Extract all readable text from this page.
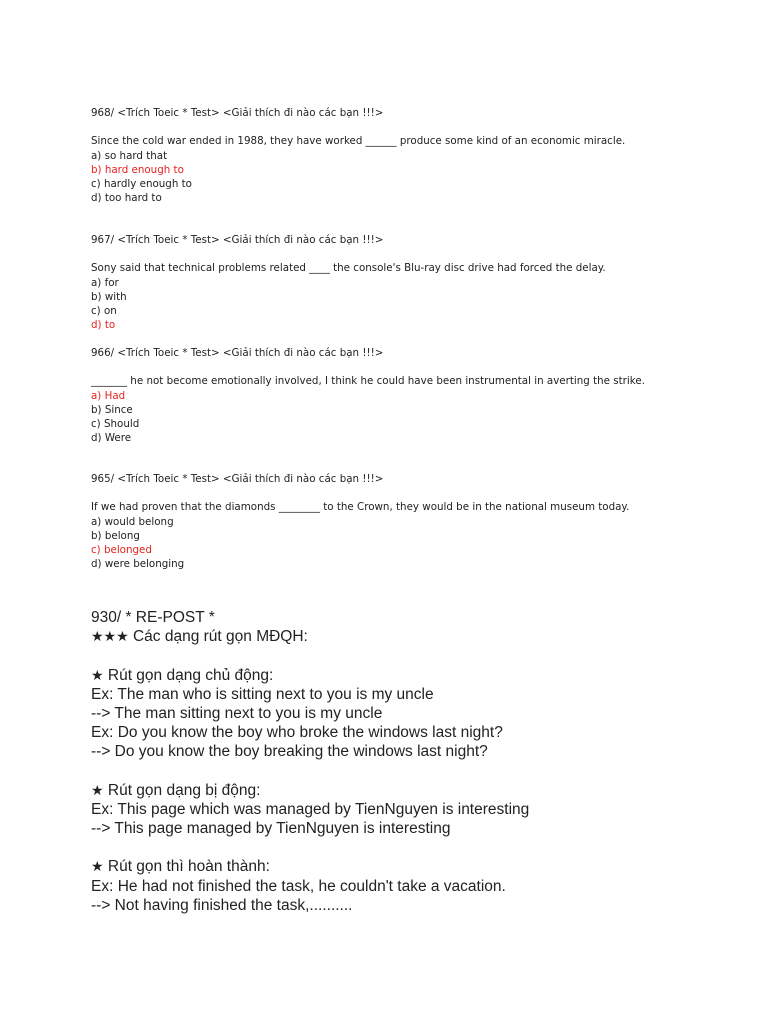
968/ <Trích Toeic * Test> <Giải thích đi nào các bạn !!!>
Since the cold war ended in 1988, they have worked ______ produce some kind of an economic miracle.
a) so hard that
b) hard enough to
c) hardly enough to
d) too hard to
967/ <Trích Toeic * Test> <Giải thích đi nào các bạn !!!>
Sony said that technical problems related ____ the console's Blu-ray disc drive had forced the delay.
a) for
b) with
c) on
d) to
966/ <Trích Toeic * Test> <Giải thích đi nào các bạn !!!>
_______ he not become emotionally involved, I think he could have been instrumental in averting the strike.
a) Had
b) Since
c) Should
d) Were
965/ <Trích Toeic * Test> <Giải thích đi nào các bạn !!!>
If we had proven that the diamonds ________ to the Crown, they would be in the national museum today.
a) would belong
b) belong
c) belonged
d) were belonging
930/ * RE-POST *
★★★ Các dạng rút gọn MĐQH:
★ Rút gọn dạng chủ động:
Ex: The man who is sitting next to you is my uncle
--> The man sitting next to you is my uncle
Ex: Do you know the boy who broke the windows last night?
--> Do you know the boy breaking the windows last night?
★ Rút gọn dạng bị động:
Ex: This page which was managed by TienNguyen is interesting
--> This page managed by TienNguyen is interesting
★ Rút gọn thì hoàn thành:
Ex: He had not finished the task, he couldn't take a vacation.
--> Not having finished the task,..........
